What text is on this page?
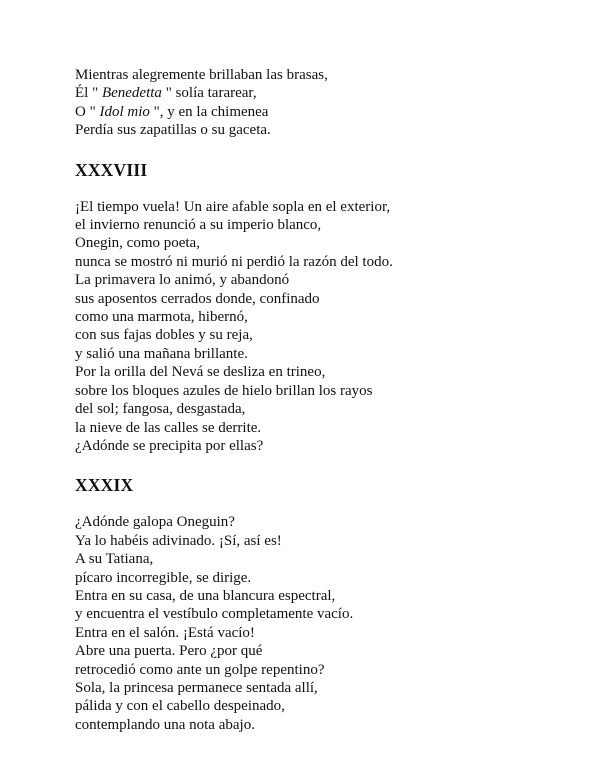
Mientras alegremente brillaban las brasas,
Él " Benedetta " solía tararear,
O " Idol mio ", y en la chimenea
Perdía sus zapatillas o su gaceta.
XXXVIII
¡El tiempo vuela! Un aire afable sopla en el exterior,
el invierno renunció a su imperio blanco,
Onegin, como poeta,
nunca se mostró ni murió ni perdió la razón del todo.
La primavera lo animó, y abandonó
sus aposentos cerrados donde, confinado
como una marmota, hibernó,
con sus fajas dobles y su reja,
y salió una mañana brillante.
Por la orilla del Nevá se desliza en trineo,
sobre los bloques azules de hielo brillan los rayos
del sol; fangosa, desgastada,
la nieve de las calles se derrite.
¿Adónde se precipita por ellas?
XXXIX
¿Adónde galopa Oneguin?
Ya lo habéis adivinado. ¡Sí, así es!
A su Tatiana,
pícaro incorregible, se dirige.
Entra en su casa, de una blancura espectral,
y encuentra el vestíbulo completamente vacío.
Entra en el salón. ¡Está vacío!
Abre una puerta. Pero ¿por qué
retrocedió como ante un golpe repentino?
Sola, la princesa permanece sentada allí,
pálida y con el cabello despeinado,
contemplando una nota abajo.
